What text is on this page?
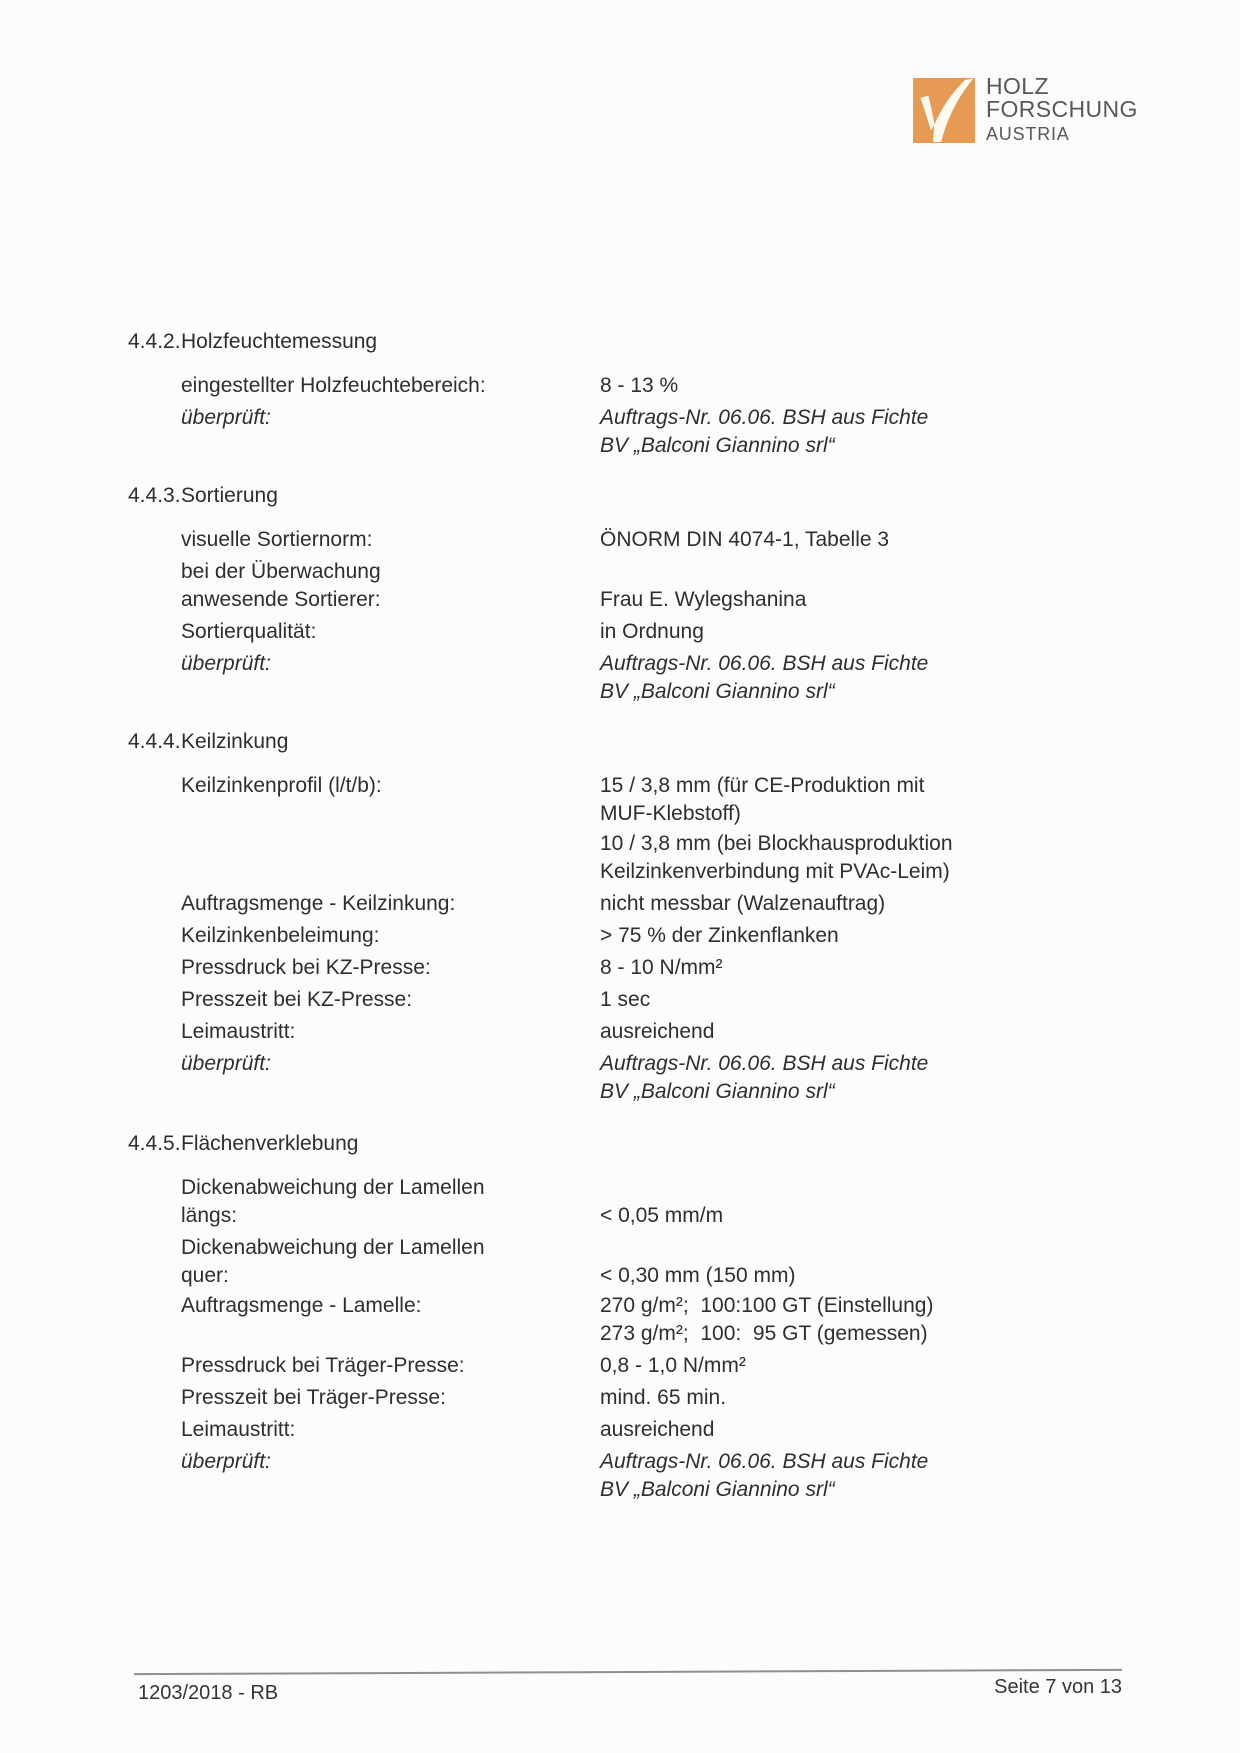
HOLZ
FORSCHUNG
AUSTRIA
4.4.2. Holzfeuchtemessung
eingestellter Holzfeuchtebereich:	8 - 13 %
überprüft:	Auftrags-Nr. 06.06. BSH aus Fichte
BV „Balconi Giannino srl“
4.4.3. Sortierung
visuelle Sortiernorm:	ÖNORM DIN 4074-1, Tabelle 3
bei der Überwachung
anwesende Sortierer:	Frau E. Wylegshanina
Sortierqualität:	in Ordnung
überprüft:	Auftrags-Nr. 06.06. BSH aus Fichte
BV „Balconi Giannino srl“
4.4.4. Keilzinkung
Keilzinkenprofil (l/t/b):	15 / 3,8 mm (für CE-Produktion mit
MUF-Klebstoff)
10 / 3,8 mm (bei Blockhausproduktion
Keilzinkenverbindung mit PVAc-Leim)
Auftragsmenge - Keilzinkung:	nicht messbar (Walzenauftrag)
Keilzinkenbeleimung:	> 75 % der Zinkenflanken
Pressdruck bei KZ-Presse:	8 - 10 N/mm²
Presszeit bei KZ-Presse:	1 sec
Leimaustritt:	ausreichend
überprüft:	Auftrags-Nr. 06.06. BSH aus Fichte
BV „Balconi Giannino srl“
4.4.5. Flächenverklebung
Dickenabweichung der Lamellen
längs:	< 0,05 mm/m
Dickenabweichung der Lamellen
quer:	< 0,30 mm (150 mm)
Auftragsmenge - Lamelle:	270 g/m²;  100:100 GT (Einstellung)
273 g/m²;  100:  95 GT (gemessen)
Pressdruck bei Träger-Presse:	0,8 - 1,0 N/mm²
Presszeit bei Träger-Presse:	mind. 65 min.
Leimaustritt:	ausreichend
überprüft:	Auftrags-Nr. 06.06. BSH aus Fichte
BV „Balconi Giannino srl“
1203/2018 - RB	Seite 7 von 13
